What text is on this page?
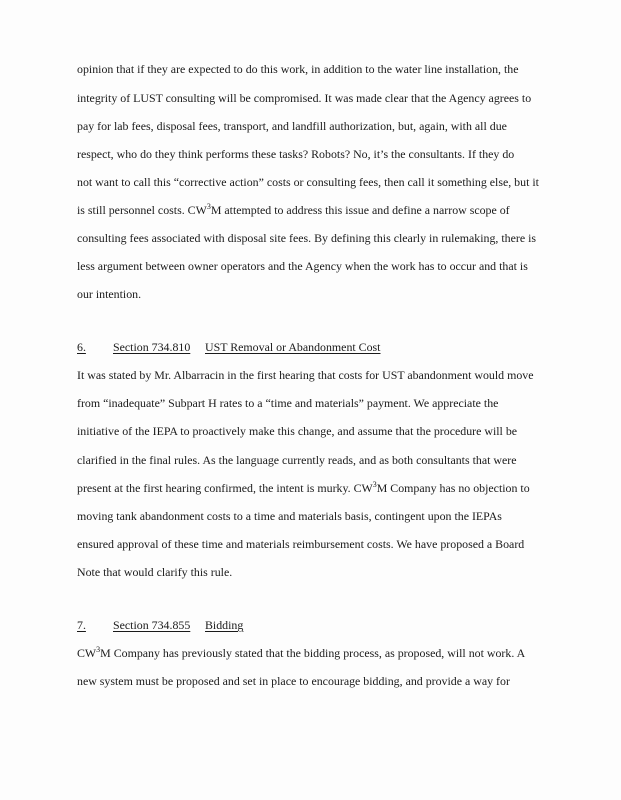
opinion that if they are expected to do this work, in addition to the water line installation, the
integrity of LUST consulting will be compromised. It was made clear that the Agency agrees to
pay for lab fees, disposal fees, transport, and landfill authorization, but, again, with all due
respect, who do they think performs these tasks? Robots? No, it’s the consultants. If they do
not want to call this “corrective action” costs or consulting fees, then call it something else, but it
is still personnel costs. $CW^3M$ attempted to address this issue and define a narrow scope of
consulting fees associated with disposal site fees. By defining this clearly in rulemaking, there is
less argument between owner operators and the Agency when the work has to occur and that is
our intention.
6. Section 734.810 UST Removal or Abandonment Cost
It was stated by Mr. Albarracin in the first hearing that costs for UST abandonment would move
from “inadequate” Subpart H rates to a “time and materials” payment. We appreciate the
initiative of the IEPA to proactively make this change, and assume that the procedure will be
clarified in the final rules. As the language currently reads, and as both consultants that were
present at the first hearing confirmed, the intent is murky. $CW^3M$ Company has no objection to
moving tank abandonment costs to a time and materials basis, contingent upon the IEPAs
ensured approval of these time and materials reimbursement costs. We have proposed a Board
Note that would clarify this rule.
7. Section 734.855 Bidding
$CW^3M$ Company has previously stated that the bidding process, as proposed, will not work. A
new system must be proposed and set in place to encourage bidding, and provide a way for
